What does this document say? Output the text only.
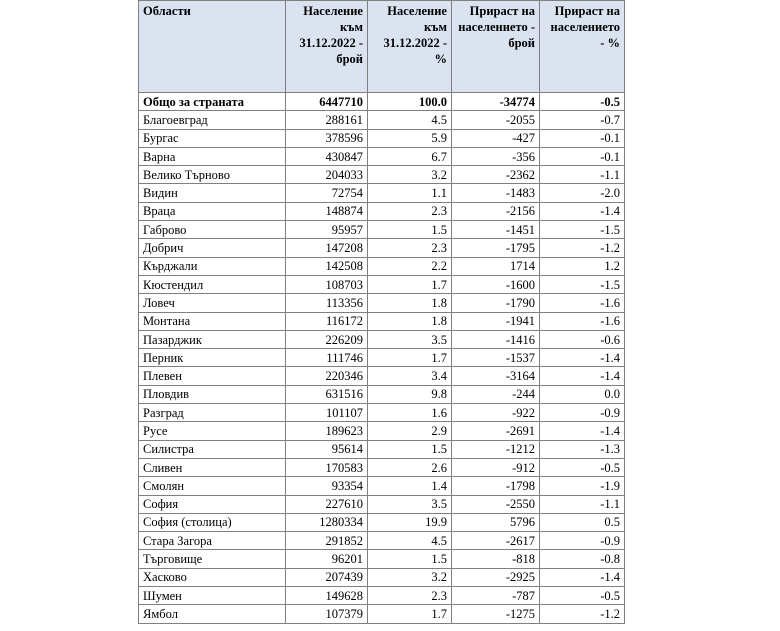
Области	Население към 31.12.2022 - брой	Население към 31.12.2022 - %	Прираст на населението - брой	Прираст на населението - %
Общо за страната	6447710	100.0	-34774	-0.5
Благоевград	288161	4.5	-2055	-0.7
Бургас	378596	5.9	-427	-0.1
Варна	430847	6.7	-356	-0.1
Велико Търново	204033	3.2	-2362	-1.1
Видин	72754	1.1	-1483	-2.0
Враца	148874	2.3	-2156	-1.4
Габрово	95957	1.5	-1451	-1.5
Добрич	147208	2.3	-1795	-1.2
Кърджали	142508	2.2	1714	1.2
Кюстендил	108703	1.7	-1600	-1.5
Ловеч	113356	1.8	-1790	-1.6
Монтана	116172	1.8	-1941	-1.6
Пазарджик	226209	3.5	-1416	-0.6
Перник	111746	1.7	-1537	-1.4
Плевен	220346	3.4	-3164	-1.4
Пловдив	631516	9.8	-244	0.0
Разград	101107	1.6	-922	-0.9
Русе	189623	2.9	-2691	-1.4
Силистра	95614	1.5	-1212	-1.3
Сливен	170583	2.6	-912	-0.5
Смолян	93354	1.4	-1798	-1.9
София	227610	3.5	-2550	-1.1
София (столица)	1280334	19.9	5796	0.5
Стара Загора	291852	4.5	-2617	-0.9
Търговище	96201	1.5	-818	-0.8
Хасково	207439	3.2	-2925	-1.4
Шумен	149628	2.3	-787	-0.5
Ямбол	107379	1.7	-1275	-1.2
